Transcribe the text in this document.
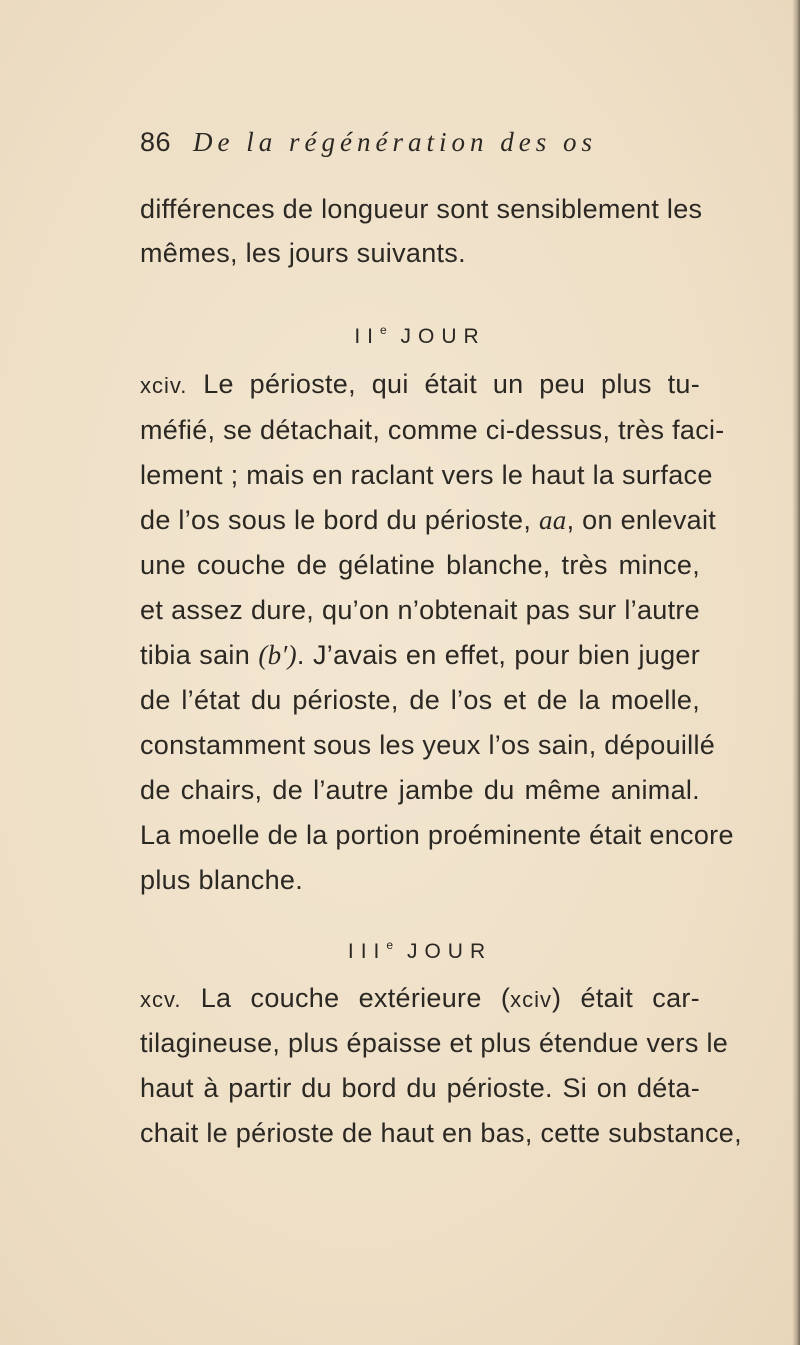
86 De la régénération des os
différences de longueur sont sensiblement les
mêmes, les jours suivants.
IIe JOUR
xciv. Le périoste, qui était un peu plus tu-
méfié, se détachait, comme ci-dessus, très faci-
lement ; mais en raclant vers le haut la surface
de l’os sous le bord du périoste, aa, on enlevait
une couche de gélatine blanche, très mince,
et assez dure, qu’on n’obtenait pas sur l’autre
tibia sain (b′). J’avais en effet, pour bien juger
de l’état du périoste, de l’os et de la moelle,
constamment sous les yeux l’os sain, dépouillé
de chairs, de l’autre jambe du même animal.
La moelle de la portion proéminente était encore
plus blanche.
IIIe JOUR
xcv. La couche extérieure (xciv) était car-
tilagineuse, plus épaisse et plus étendue vers le
haut à partir du bord du périoste. Si on déta-
chait le périoste de haut en bas, cette substance,
